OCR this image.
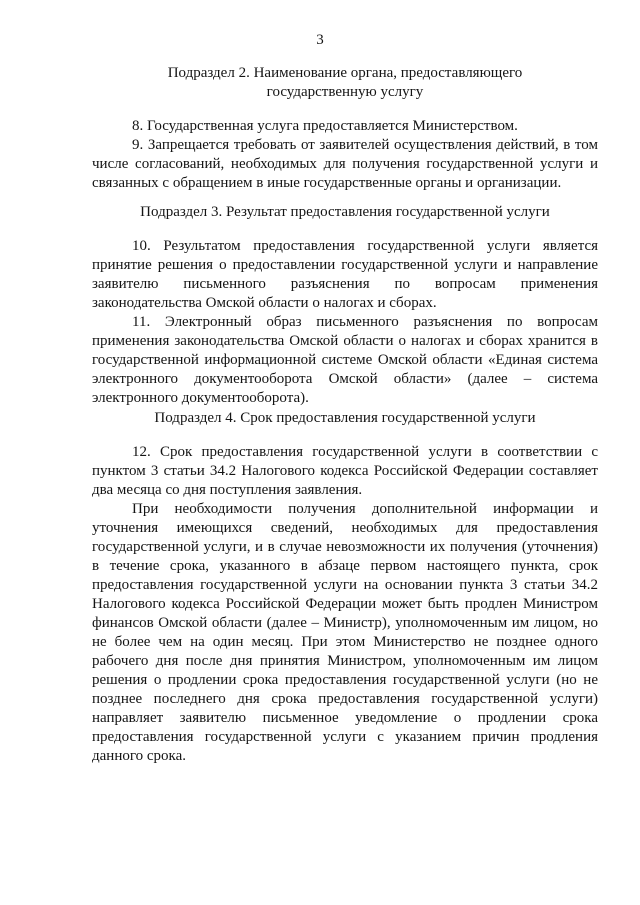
3
Подраздел 2. Наименование органа, предоставляющего
государственную услугу

8. Государственная услуга предоставляется Министерством.

9. Запрещается требовать от заявителей осуществления действий, в том числе согласований, необходимых для получения государственной услуги и связанных с обращением в иные государственные органы и организации.

Подраздел 3. Результат предоставления государственной услуги

10. Результатом предоставления государственной услуги является принятие решения о предоставлении государственной услуги и направление заявителю письменного разъяснения по вопросам применения законодательства Омской области о налогах и сборах.

11. Электронный образ письменного разъяснения по вопросам применения законодательства Омской области о налогах и сборах хранится в государственной информационной системе Омской области «Единая система электронного документооборота Омской области» (далее – система электронного документооборота).

Подраздел 4. Срок предоставления государственной услуги

12. Срок предоставления государственной услуги в соответствии с пунктом 3 статьи 34.2 Налогового кодекса Российской Федерации составляет два месяца со дня поступления заявления.

При необходимости получения дополнительной информации и уточнения имеющихся сведений, необходимых для предоставления государственной услуги, и в случае невозможности их получения (уточнения) в течение срока, указанного в абзаце первом настоящего пункта, срок предоставления государственной услуги на основании пункта 3 статьи 34.2 Налогового кодекса Российской Федерации может быть продлен Министром финансов Омской области (далее – Министр), уполномоченным им лицом, но не более чем на один месяц. При этом Министерство не позднее одного рабочего дня после дня принятия Министром, уполномоченным им лицом решения о продлении срока предоставления государственной услуги (но не позднее последнего дня срока предоставления государственной услуги) направляет заявителю письменное уведомление о продлении срока предоставления государственной услуги с указанием причин продления данного срока.
